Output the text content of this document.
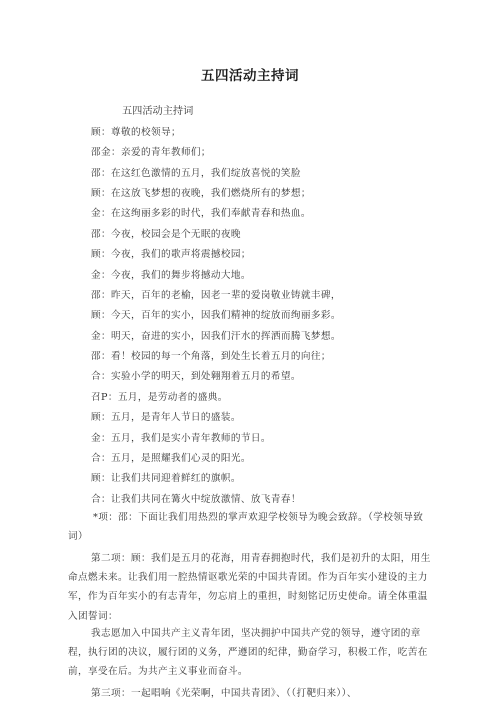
五四活动主持词
五四活动主持词
顾：尊敬的校领导；
邵金：亲爱的青年教师们；
邵：在这红色激情的五月，我们绽放喜悦的笑脸
顾：在这放飞梦想的夜晚，我们燃烧所有的梦想；
金：在这绚丽多彩的时代，我们奉献青春和热血。
邵：今夜，校园会是个无眠的夜晚
顾：今夜，我们的歌声将震撼校园；
金：今夜，我们的舞步将撼动大地。
邵：昨天，百年的老榆，因老一辈的爱岗敬业铸就丰碑，
顾：今天，百年的实小，因我们精神的绽放而绚丽多彩。
金：明天，奋进的实小，因我们汗水的挥洒而腾飞梦想。
邵：看！校园的每一个角落，到处生长着五月的向往；
合：实验小学的明天，到处翱翔着五月的希望。
召P：五月，是劳动者的盛典。
顾：五月，是青年人节日的盛装。
金：五月，我们是实小青年教师的节日。
合：五月，是照耀我们心灵的阳光。
顾：让我们共同迎着鲜红的旗帜。
合：让我们共同在篝火中绽放激情、放飞青春！

*项：邵：下面让我们用热烈的掌声欢迎学校领导为晚会致辞。（学校领导致词）

第二项：顾：我们是五月的花海，用青春拥抱时代，我们是初升的太阳，用生命点燃未来。让我们用一腔热情讴歌光荣的中国共青团。作为百年实小建设的主力军，作为百年实小的有志青年，勿忘肩上的重担，时刻铭记历史使命。请全体重温入团誓词：

我志愿加入中国共产主义青年团，坚决拥护中国共产党的领导，遵守团的章程，执行团的决议，履行团的义务，严遵团的纪律，勤奋学习，积极工作，吃苦在前，享受在后。为共产主义事业而奋斗。

第三项：一起唱响《光荣啊，中国共青团》、（（打靶归来））、
